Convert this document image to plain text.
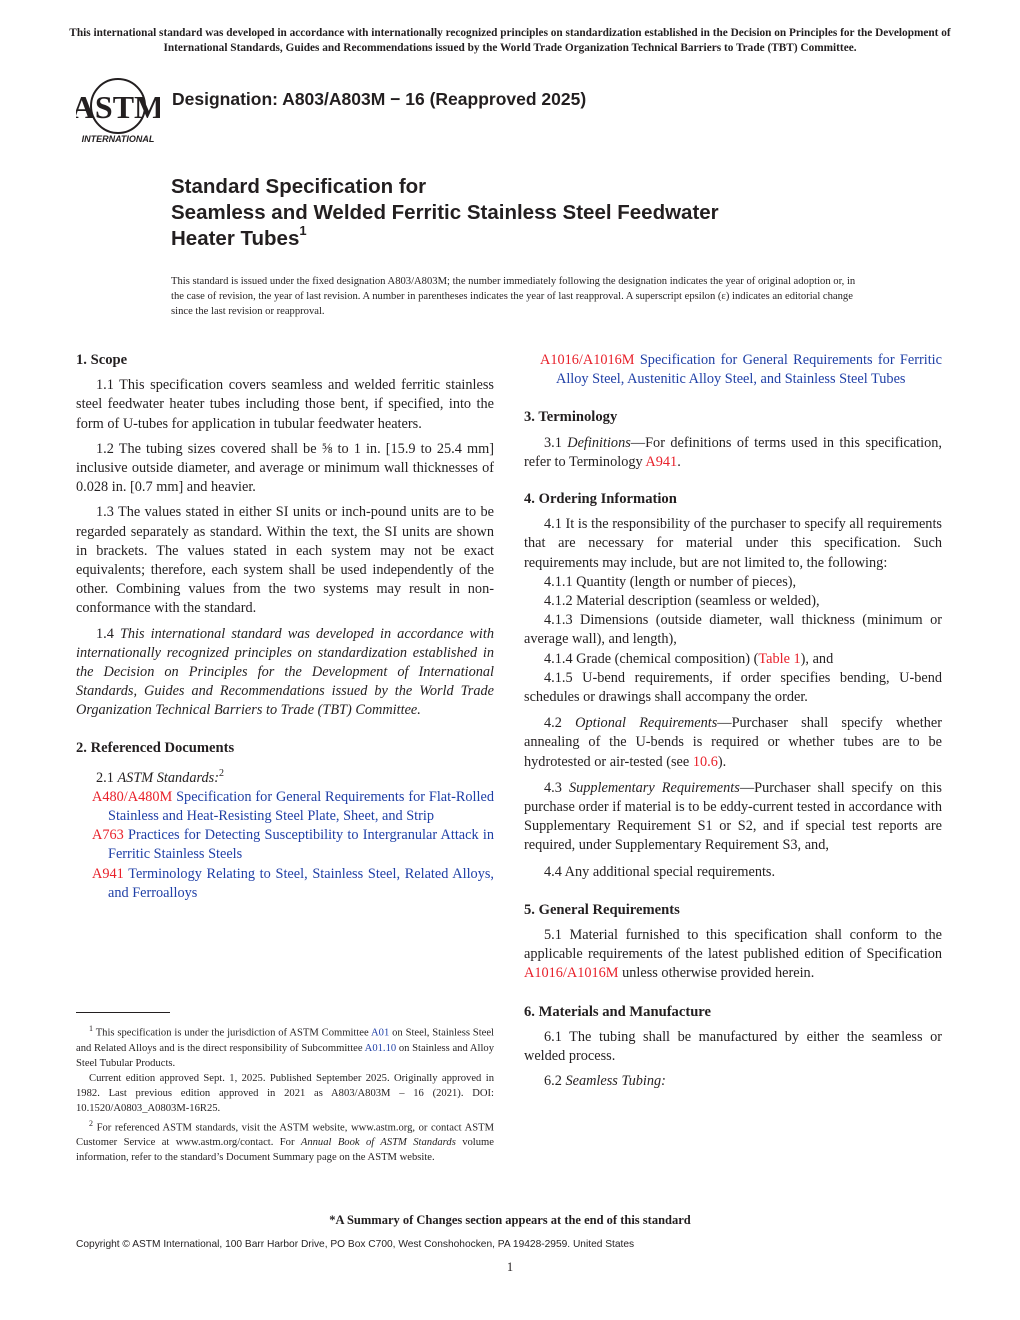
This international standard was developed in accordance with internationally recognized principles on standardization established in the Decision on Principles for the Development of International Standards, Guides and Recommendations issued by the World Trade Organization Technical Barriers to Trade (TBT) Committee.
ASTM
INTERNATIONAL
Designation: A803/A803M − 16 (Reapproved 2025)
Standard Specification for
Seamless and Welded Ferritic Stainless Steel Feedwater
Heater Tubes$^1$
This standard is issued under the fixed designation A803/A803M; the number immediately following the designation indicates the year of original adoption or, in the case of revision, the year of last revision. A number in parentheses indicates the year of last reapproval. A superscript epsilon (ε) indicates an editorial change since the last revision or reapproval.
1. Scope

1.1 This specification covers seamless and welded ferritic stainless steel feedwater heater tubes including those bent, if specified, into the form of U-tubes for application in tubular feedwater heaters.

1.2 The tubing sizes covered shall be ⅝ to 1 in. [15.9 to 25.4 mm] inclusive outside diameter, and average or minimum wall thicknesses of 0.028 in. [0.7 mm] and heavier.

1.3 The values stated in either SI units or inch-pound units are to be regarded separately as standard. Within the text, the SI units are shown in brackets. The values stated in each system may not be exact equivalents; therefore, each system shall be used independently of the other. Combining values from the two systems may result in non-conformance with the standard.

1.4 This international standard was developed in accordance with internationally recognized principles on standardization established in the Decision on Principles for the Development of International Standards, Guides and Recommendations issued by the World Trade Organization Technical Barriers to Trade (TBT) Committee.

2. Referenced Documents

2.1 ASTM Standards:$^2$

A480/A480M Specification for General Requirements for Flat-Rolled Stainless and Heat-Resisting Steel Plate, Sheet, and Strip
A763 Practices for Detecting Susceptibility to Intergranular Attack in Ferritic Stainless Steels
A941 Terminology Relating to Steel, Stainless Steel, Related Alloys, and Ferroalloys
A1016/A1016M Specification for General Requirements for Ferritic Alloy Steel, Austenitic Alloy Steel, and Stainless Steel Tubes
3. Terminology

3.1 Definitions—For definitions of terms used in this specification, refer to Terminology A941.

4. Ordering Information

4.1 It is the responsibility of the purchaser to specify all requirements that are necessary for material under this specification. Such requirements may include, but are not limited to, the following:

4.1.1 Quantity (length or number of pieces),

4.1.2 Material description (seamless or welded),

4.1.3 Dimensions (outside diameter, wall thickness (minimum or average wall), and length),

4.1.4 Grade (chemical composition) (Table 1), and

4.1.5 U-bend requirements, if order specifies bending, U-bend schedules or drawings shall accompany the order.

4.2 Optional Requirements—Purchaser shall specify whether annealing of the U-bends is required or whether tubes are to be hydrotested or air-tested (see 10.6).

4.3 Supplementary Requirements—Purchaser shall specify on this purchase order if material is to be eddy-current tested in accordance with Supplementary Requirement S1 or S2, and if special test reports are required, under Supplementary Requirement S3, and,

4.4 Any additional special requirements.

5. General Requirements

5.1 Material furnished to this specification shall conform to the applicable requirements of the latest published edition of Specification A1016/A1016M unless otherwise provided herein.

6. Materials and Manufacture

6.1 The tubing shall be manufactured by either the seamless or welded process.

6.2 Seamless Tubing:

$^1$ This specification is under the jurisdiction of ASTM Committee A01 on Steel, Stainless Steel and Related Alloys and is the direct responsibility of Subcommittee A01.10 on Stainless and Alloy Steel Tubular Products.

Current edition approved Sept. 1, 2025. Published September 2025. Originally approved in 1982. Last previous edition approved in 2021 as A803/A803M – 16 (2021). DOI: 10.1520/A0803_A0803M-16R25.

$^2$ For referenced ASTM standards, visit the ASTM website, www.astm.org, or contact ASTM Customer Service at www.astm.org/contact. For Annual Book of ASTM Standards volume information, refer to the standard’s Document Summary page on the ASTM website.

*A Summary of Changes section appears at the end of this standard
Copyright © ASTM International, 100 Barr Harbor Drive, PO Box C700, West Conshohocken, PA 19428-2959. United States
1
